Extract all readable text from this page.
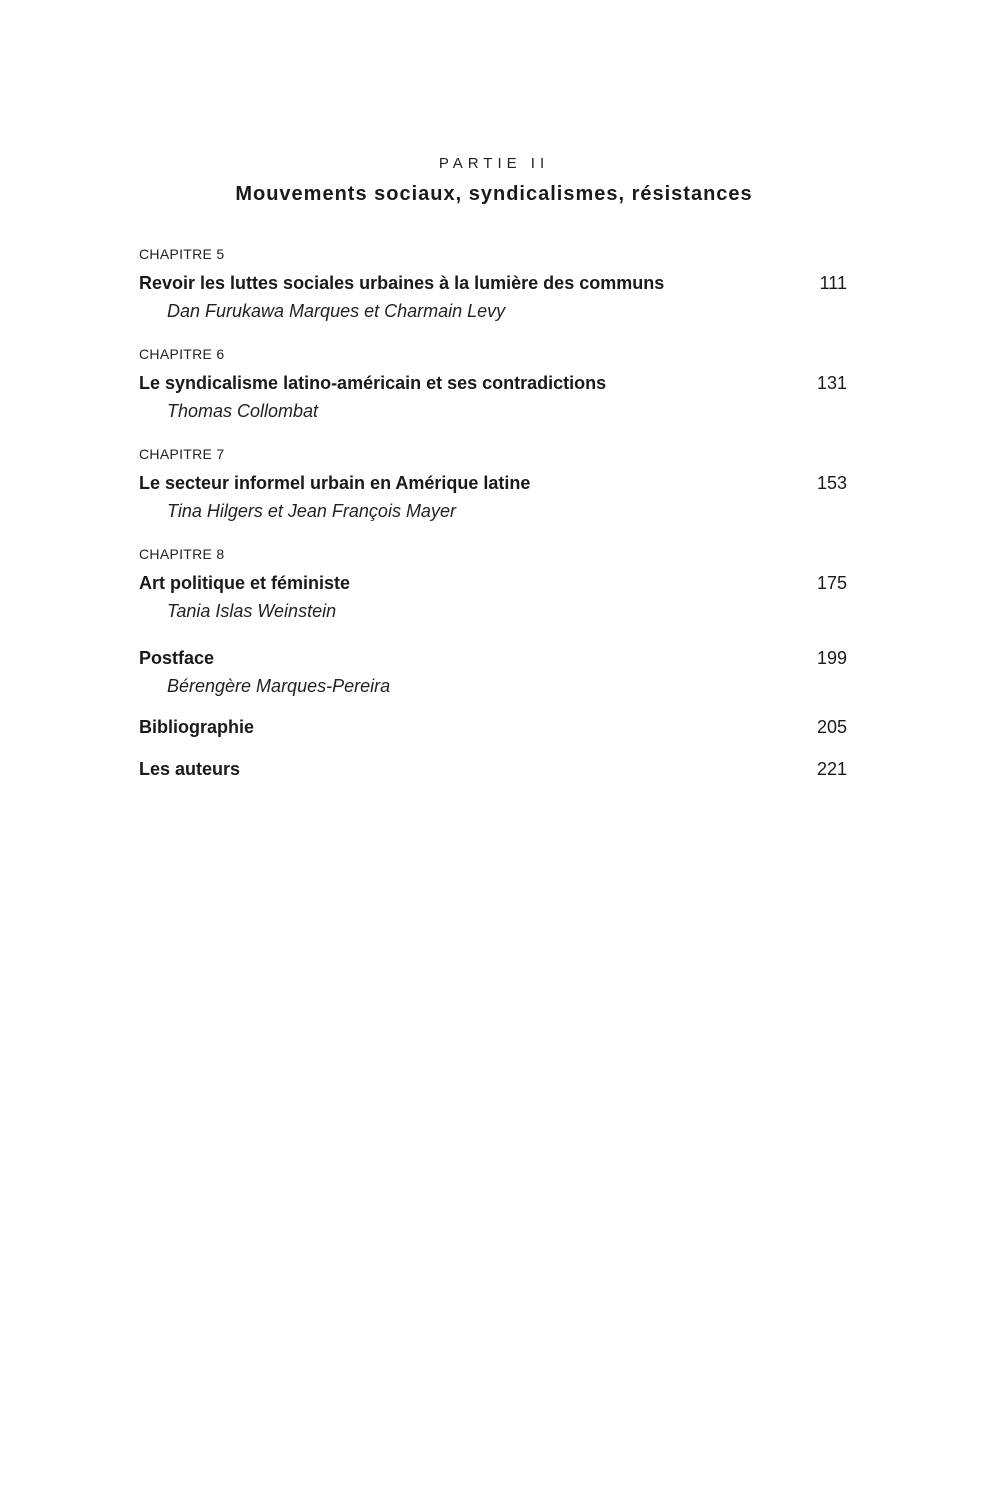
PARTIE II
Mouvements sociaux, syndicalismes, résistances
CHAPITRE 5
Revoir les luttes sociales urbaines à la lumière des communs	111
Dan Furukawa Marques et Charmain Levy
CHAPITRE 6
Le syndicalisme latino-américain et ses contradictions	131
Thomas Collombat
CHAPITRE 7
Le secteur informel urbain en Amérique latine	153
Tina Hilgers et Jean François Mayer
CHAPITRE 8
Art politique et féministe	175
Tania Islas Weinstein
Postface	199
Bérengère Marques-Pereira
Bibliographie	205
Les auteurs	221
